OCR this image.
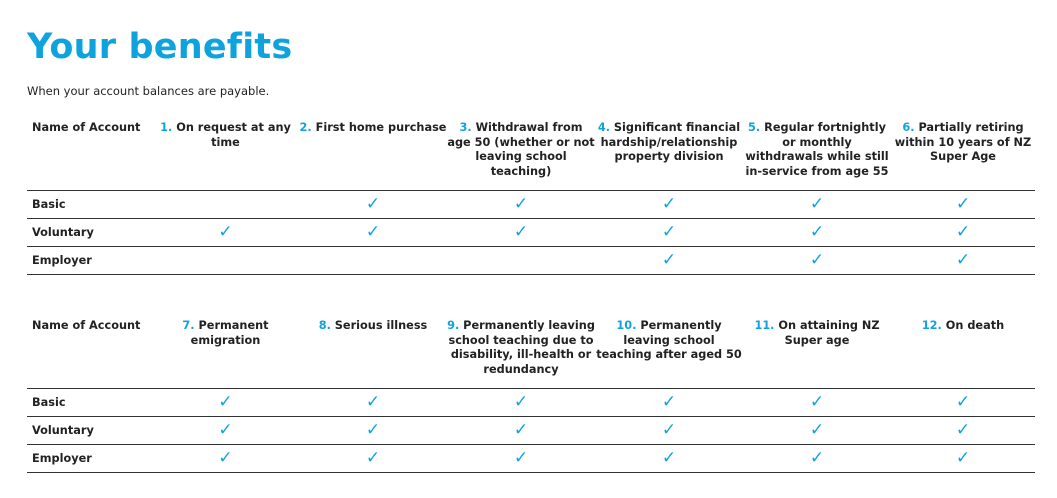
Your benefits

When your account balances are payable.

Name of Account	1. On request at any time	2. First home purchase	3. Withdrawal from age 50 (whether or not leaving school teaching)	4. Significant financial hardship/relationship property division	5. Regular fortnightly or monthly withdrawals while still in-service from age 55	6. Partially retiring within 10 years of NZ Super Age
Basic		✓	✓	✓	✓	✓
Voluntary	✓	✓	✓	✓	✓	✓
Employer				✓	✓	✓
Name of Account	7. Permanent emigration	8. Serious illness	9. Permanently leaving school teaching due to disability, ill-health or redundancy	10. Permanently leaving school teaching after aged 50	11. On attaining NZ Super age	12. On death
Basic	✓	✓	✓	✓	✓	✓
Voluntary	✓	✓	✓	✓	✓	✓
Employer	✓	✓	✓	✓	✓	✓
